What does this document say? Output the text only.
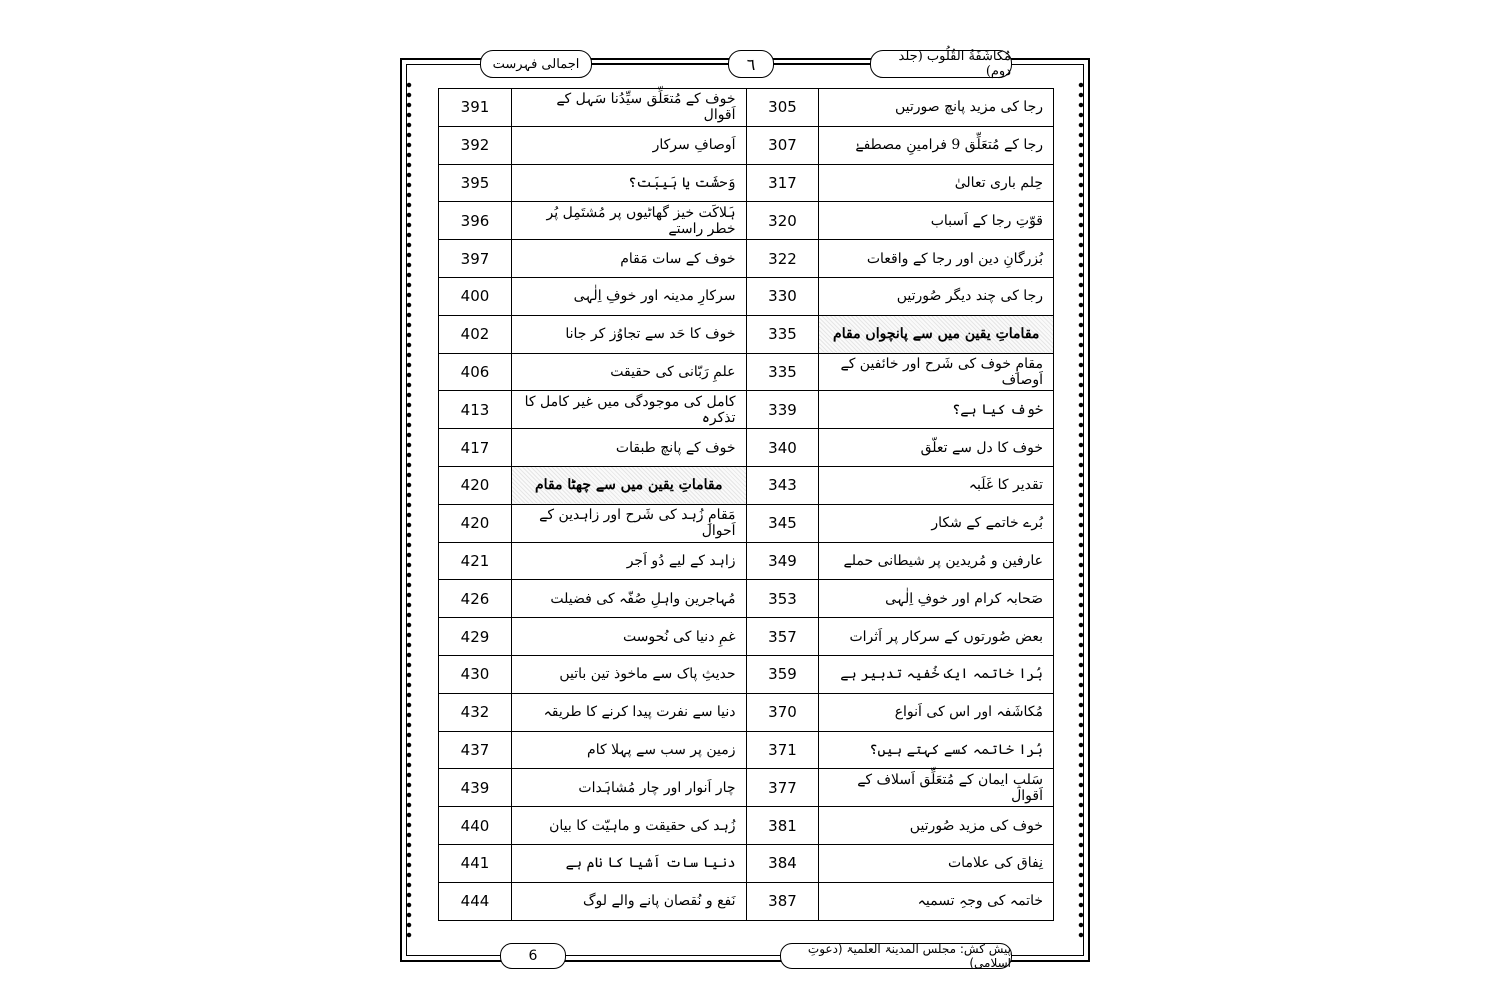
اجمالی فہرست	٦	مُكاشَفَةُ القُلُوب (جلد دوم)
رجا کی مزید پانچ صورتیں	305	خوف کے مُتعَلِّق سیِّدُنا سَہل کے اَقوال	391
رجا کے مُتعَلِّق 9 فرامینِ مصطفےٰ	307	اَوصافِ سرکار	392
حِلم باری تعالیٰ	317	وَحشَت یا ہَیبَت؟	395
قوّتِ رجا کے اَسباب	320	ہَلاکَت خیز گھاٹیوں پر مُشتَمِل پُر خطر راستے	396
بُزرگانِ دین اور رجا کے واقعات	322	خوف کے سات مَقام	397
رجا کی چند دیگر صُورتیں	330	سرکارِ مدینہ اور خوفِ اِلٰہی	400
مقاماتِ یقین میں سے پانچواں مقام	335	خوف کا حَد سے تجاوُز کر جانا	402
مقامِ خوف کی شَرح اور خائفین کے اَوصاف	335	علمِ رَبّانی کی حقیقت	406
خوف کیا ہے؟	339	کامل کی موجودگی میں غیر کامل کا تذکرہ	413
خوف کا دل سے تعلّق	340	خوف کے پانچ طبقات	417
تقدیر کا غَلَبہ	343	مقاماتِ یقین میں سے چھٹا مقام	420
بُرے خاتمے کے شکار	345	مَقامِ زُہد کی شَرح اور زاہدین کے اَحوال	420
عارفین و مُریدین پر شیطانی حملے	349	زاہد کے لیے دُو اَجر	421
صَحابہ کرام اور خوفِ اِلٰہی	353	مُہاجرین واہلِ صُفّہ کی فضیلت	426
بعض صُورتوں کے سرکار پر اَثرات	357	غمِ دنیا کی نُحوست	429
بُرا خاتمہ ایک خُفیہ تدبیر ہے	359	حدیثِ پاک سے ماخوذ تین باتیں	430
مُکاشَفہ اور اس کی اَنواع	370	دنیا سے نفرت پیدا کرنے کا طریقہ	432
بُرا خاتمہ کسے کہتے ہیں؟	371	زمین پر سب سے پہلا کام	437
سَلبِ ایمان کے مُتعَلِّق اَسلاف کے اَقوال	377	چار اَنوار اور چار مُشاہَدات	439
خوف کی مزید صُورتیں	381	زُہد کی حقیقت و ماہیّت کا بیان	440
نِفاق کی علامات	384	دنیا سات اَشیا کا نام ہے	441
خاتمہ کی وجہِ تسمیہ	387	نَفع و نُقصان پانے والے لوگ	444
6	پیش کش: مجلس المدینۃ العلمیۃ (دعوتِ اسلامی)
